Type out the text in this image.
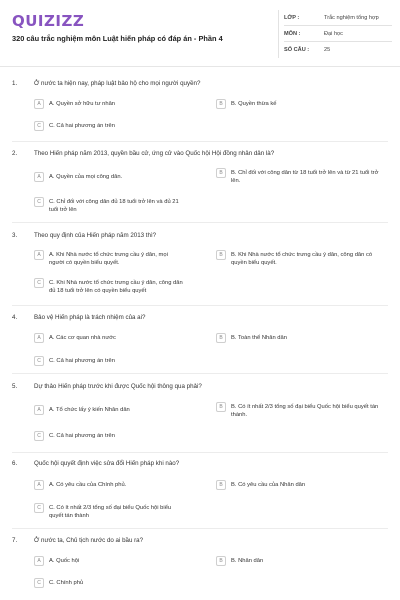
QUIZIZZ
320 câu trắc nghiệm môn Luật hiến pháp có đáp án - Phần 4
LỚP :	Trắc nghiệm tổng hợp
MÔN :	Đại học
SỐ CÂU :	25
1.	Ở nước ta hiện nay, pháp luật bảo hộ cho mọi người quyền?
A	A. Quyền sở hữu tư nhân	B	B. Quyền thừa kế
C	C. Cả hai phương án trên
2.	Theo Hiến pháp năm 2013, quyền bầu cử, ứng cử vào Quốc hội Hội đồng nhân dân là?
A	A. Quyền của mọi công dân.
B	B. Chỉ đối với công dân từ 18 tuổi trở lên và từ 21 tuổi trở lên.
C	C. Chỉ đối với công dân đủ 18 tuổi trở lên và đủ 21 tuổi trở lên
3.	Theo quy định của Hiến pháp năm 2013 thì?
A	A. Khi Nhà nước tổ chức trưng cầu ý dân, mọi người có quyền biểu quyết.
B	B. Khi Nhà nước tổ chức trưng cầu ý dân, công dân có quyền biểu quyết.
C	C. Khi Nhà nước tổ chức trưng cầu ý dân, công dân đủ 18 tuổi trở lên có quyền biểu quyết
4.	Bảo vệ Hiến pháp là trách nhiệm của ai?
A	A. Các cơ quan nhà nước	B	B. Toàn thể Nhân dân
C	C. Cả hai phương án trên
5.	Dự thảo Hiến pháp trước khi được Quốc hội thông qua phải?
A	A. Tổ chức lấy ý kiến Nhân dân	B	B. Có ít nhất 2/3 tổng số đại biểu Quốc hội biểu quyết tán thành.
C	C. Cả hai phương án trên
6.	Quốc hội quyết định việc sửa đổi Hiến pháp khi nào?
A	A. Có yêu cầu của Chính phủ.	B	B. Có yêu cầu của Nhân dân
C	C. Có ít nhất 2/3 tổng số đại biểu Quốc hội biểu quyết tán thành
7.	Ở nước ta, Chủ tịch nước do ai bầu ra?
A	A. Quốc hội	B	B. Nhân dân
C	C. Chính phủ
